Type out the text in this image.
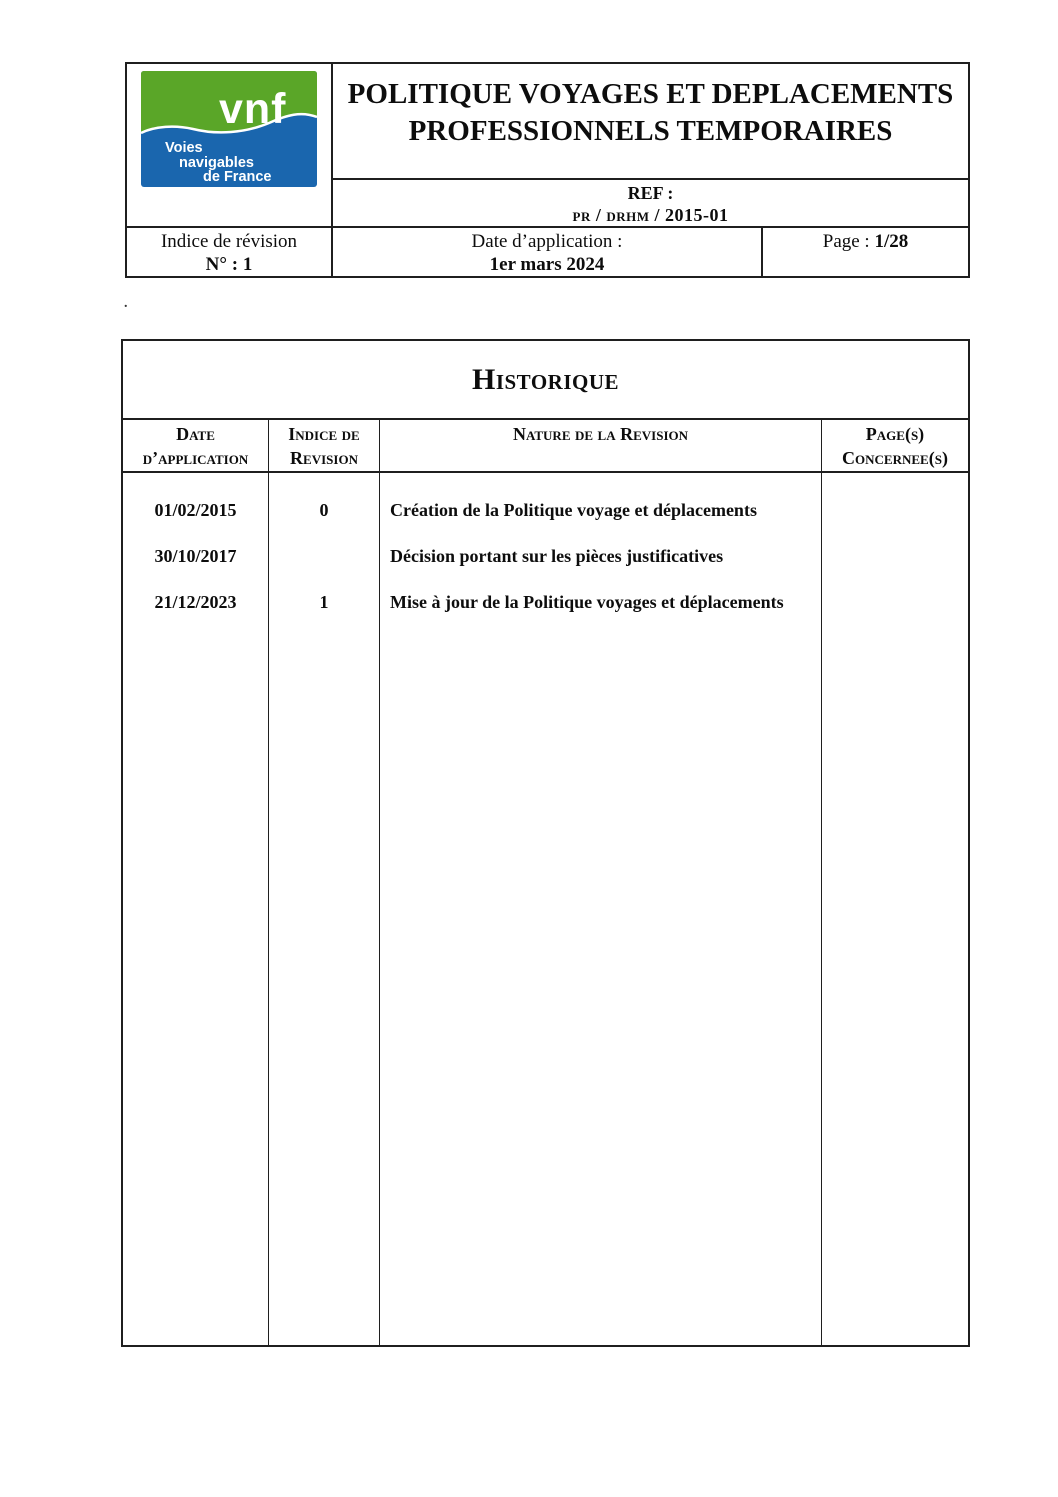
vnf
Voies
navigables
de France
POLITIQUE VOYAGES ET DEPLACEMENTS
PROFESSIONNELS TEMPORAIRES
REF :
pr / drhm / 2015-01
Indice de révision
N° : 1
Date d’application :
1er mars 2024
Page : 1/28
.
Historique
Date
d’application
Indice de
Revision
Nature de la Revision	Page(s)
Concernee(s)
01/02/2015
30/10/2017
21/12/2023
0
1
Création de la Politique voyage et déplacements
Décision portant sur les pièces justificatives
Mise à jour de la Politique voyages et déplacements
